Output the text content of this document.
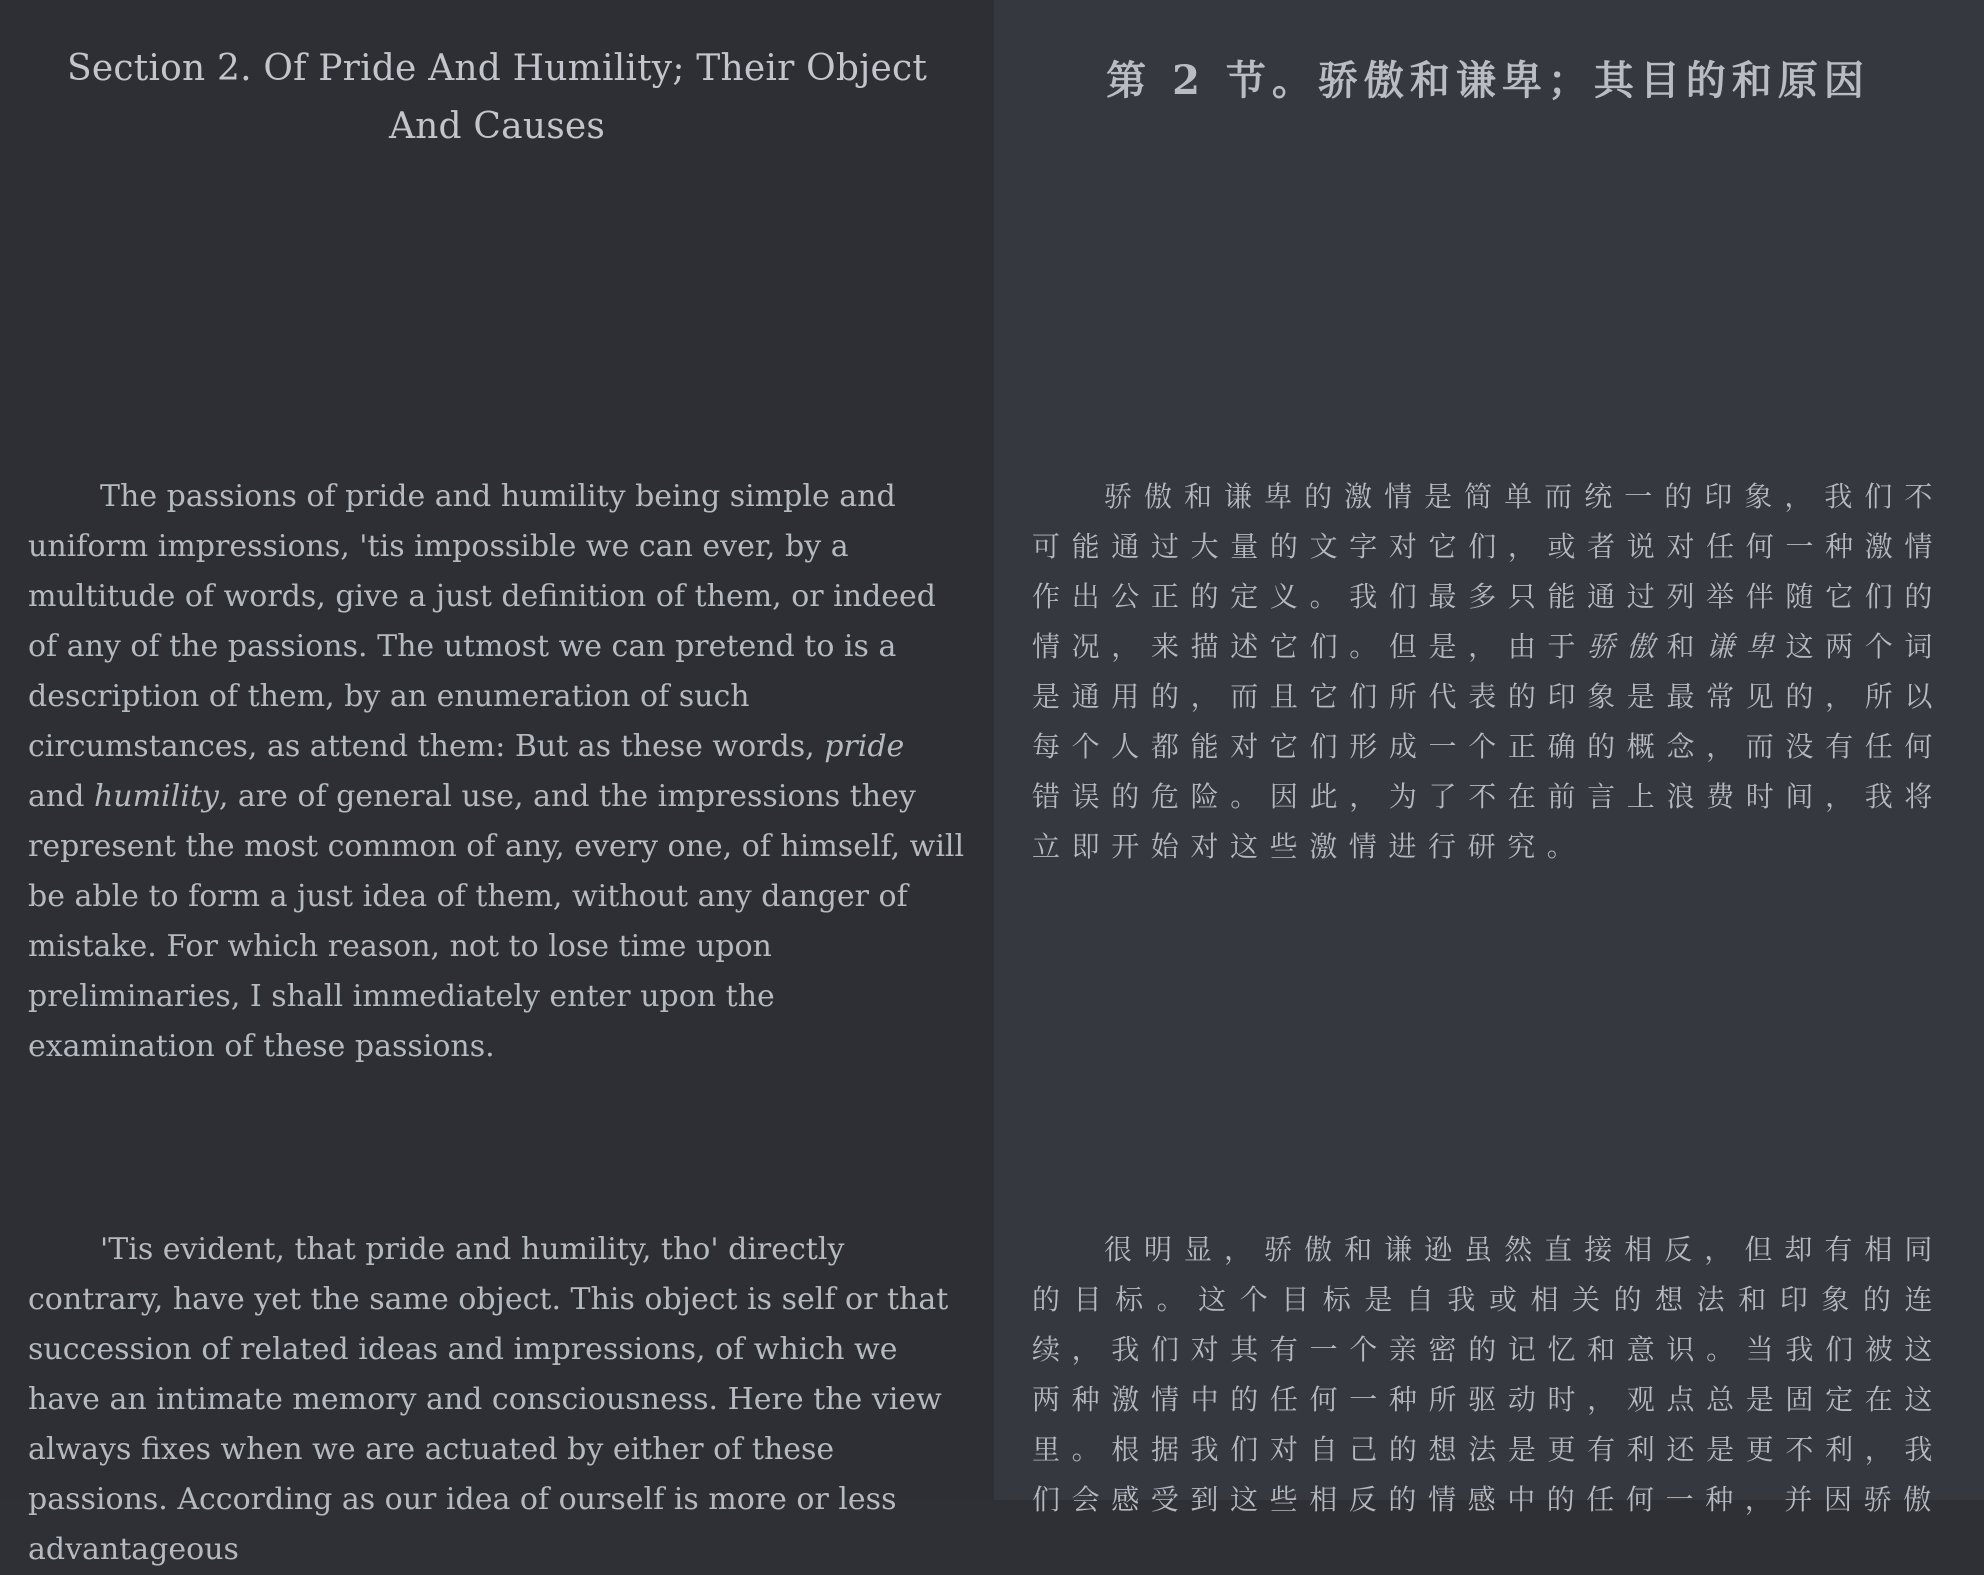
Section 2. Of Pride And Humility; Their Object And Causes

The passions of pride and humility being simple and uniform impressions, 'tis impossible we can ever, by a multitude of words, give a just definition of them, or indeed of any of the passions. The utmost we can pretend to is a description of them, by an enumeration of such circumstances, as attend them: But as these words, pride and humility, are of general use, and the impressions they represent the most common of any, every one, of himself, will be able to form a just idea of them, without any danger of mistake. For which reason, not to lose time upon preliminaries, I shall immediately enter upon the examination of these passions.

'Tis evident, that pride and humility, tho' directly contrary, have yet the same object. This object is self or that succession of related ideas and impressions, of which we have an intimate memory and consciousness. Here the view always fixes when we are actuated by either of these passions. According as our idea of ourself is more or less advantageous

第 2 节。骄傲和谦卑；其目的和原因

骄傲和谦卑的激情是简单而统一的印象，我们不可能通过大量的文字对它们，或者说对任何一种激情作出公正的定义。我们最多只能通过列举伴随它们的情况，来描述它们。但是，由于骄傲和谦卑这两个词是通用的，而且它们所代表的印象是最常见的，所以每个人都能对它们形成一个正确的概念，而没有任何错误的危险。因此，为了不在前言上浪费时间，我将立即开始对这些激情进行研究。

很明显，骄傲和谦逊虽然直接相反，但却有相同的目标。这个目标是自我或相关的想法和印象的连续，我们对其有一个亲密的记忆和意识。当我们被这两种激情中的任何一种所驱动时，观点总是固定在这里。根据我们对自己的想法是更有利还是更不利，我们会感受到这些相反的情感中的任何一种，并因骄傲
